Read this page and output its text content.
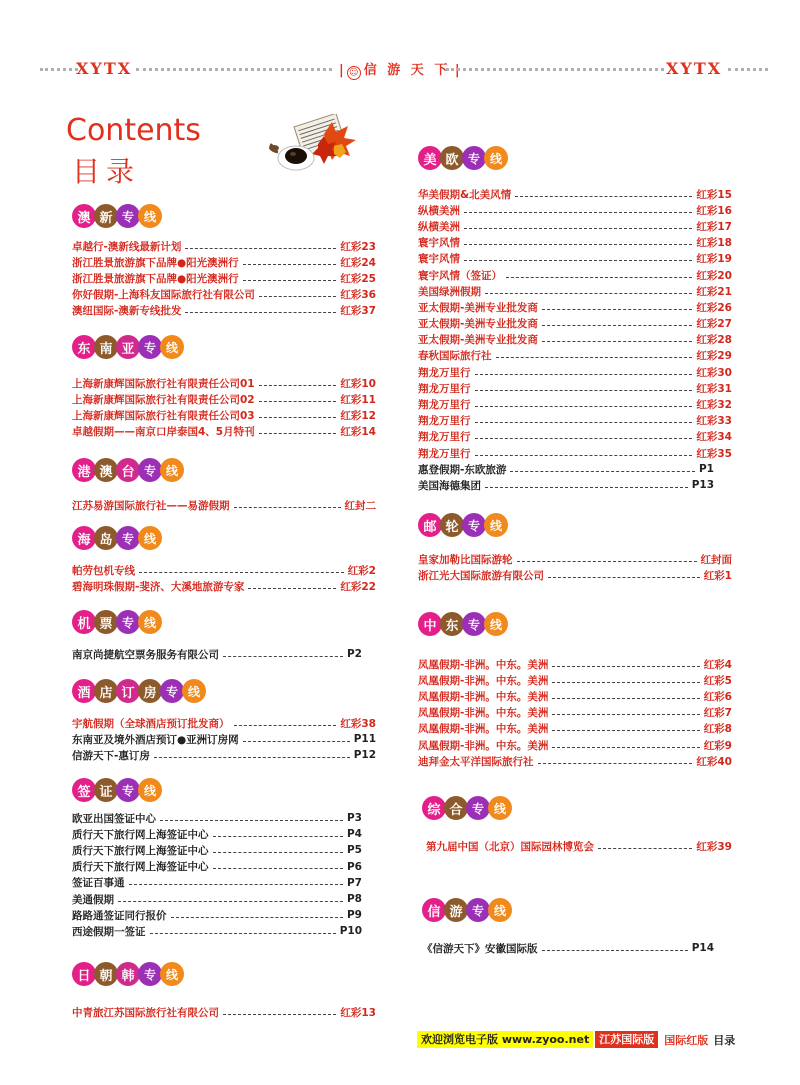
XYTX	| ☺ 信 游 天 下 |	XYTX
Contents
目录
澳 新 专 线
卓越行-澳新线最新计划	红彩23
浙江胜景旅游旗下品牌●阳光澳洲行	红彩24
浙江胜景旅游旗下品牌●阳光澳洲行	红彩25
你好假期-上海科友国际旅行社有限公司	红彩36
澳纽国际-澳新专线批发	红彩37
东 南 亚 专 线
上海新康辉国际旅行社有限责任公司01	红彩10
上海新康辉国际旅行社有限责任公司02	红彩11
上海新康辉国际旅行社有限责任公司03	红彩12
卓越假期——南京口岸泰国4、5月特刊	红彩14
港 澳 台 专 线
江苏易游国际旅行社——易游假期	红封二
海 岛 专 线
帕劳包机专线	红彩2
碧海明珠假期-斐济、大溪地旅游专家	红彩22
机 票 专 线
南京尚捷航空票务服务有限公司	P2
酒 店 订 房 专 线
宇航假期（全球酒店预订批发商）	红彩38
东南亚及境外酒店预订●亚洲订房网	P11
信游天下-惠订房	P12
签 证 专 线
欧亚出国签证中心	P3
质行天下旅行网上海签证中心	P4
质行天下旅行网上海签证中心	P5
质行天下旅行网上海签证中心	P6
签证百事通	P7
美通假期	P8
路路通签证同行报价	P9
西途假期一签证	P10
日 朝 韩 专 线
中青旅江苏国际旅行社有限公司	红彩13
美 欧 专 线
华美假期&北美风情	红彩15
纵横美洲	红彩16
纵横美洲	红彩17
寰宇风情	红彩18
寰宇风情	红彩19
寰宇风情（签证）	红彩20
美国绿洲假期	红彩21
亚太假期-美洲专业批发商	红彩26
亚太假期-美洲专业批发商	红彩27
亚太假期-美洲专业批发商	红彩28
春秋国际旅行社	红彩29
翔龙万里行	红彩30
翔龙万里行	红彩31
翔龙万里行	红彩32
翔龙万里行	红彩33
翔龙万里行	红彩34
翔龙万里行	红彩35
惠登假期-东欧旅游	P1
美国海德集团	P13
邮 轮 专 线
皇家加勒比国际游轮	红封面
浙江光大国际旅游有限公司	红彩1
中 东 专 线
凤凰假期-非洲。中东。美洲	红彩4
凤凰假期-非洲。中东。美洲	红彩5
凤凰假期-非洲。中东。美洲	红彩6
凤凰假期-非洲。中东。美洲	红彩7
凤凰假期-非洲。中东。美洲	红彩8
凤凰假期-非洲。中东。美洲	红彩9
迪拜金太平洋国际旅行社	红彩40
综 合 专 线
第九届中国（北京）国际园林博览会	红彩39
信 游 专 线
《信游天下》安徽国际版	P14
欢迎浏览电子版 www.zyoo.net 江苏国际版 国际红版 目录
